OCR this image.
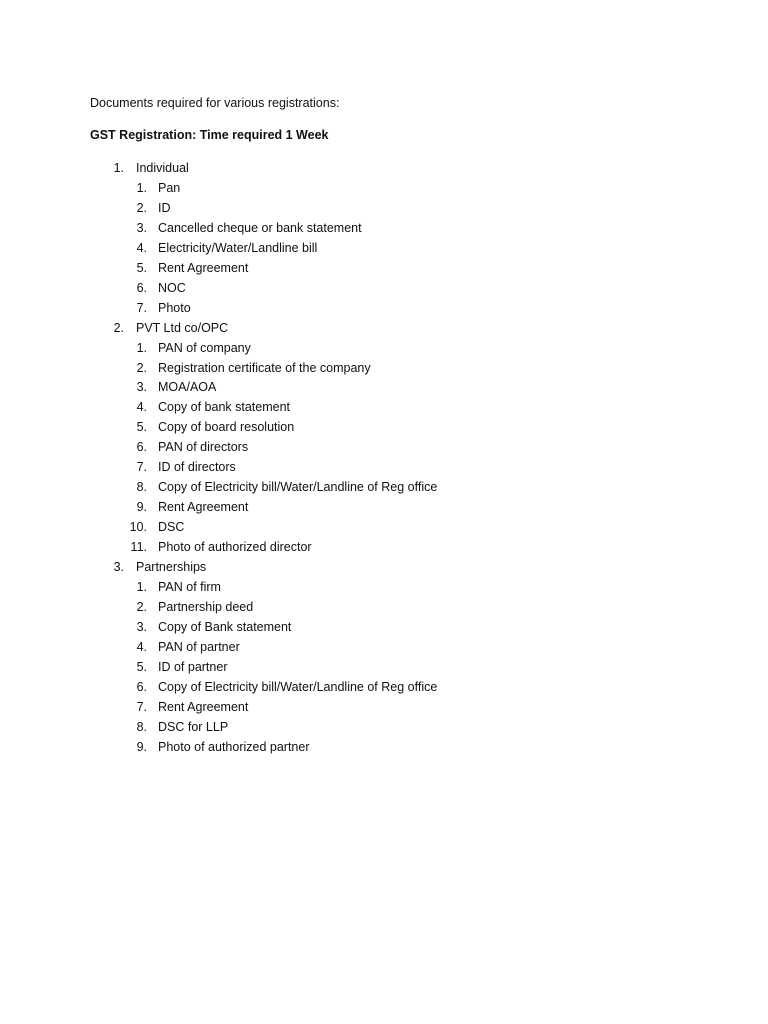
Documents required for various registrations:
GST Registration: Time required 1 Week
1. Individual
1. Pan
2. ID
3. Cancelled cheque or bank statement
4. Electricity/Water/Landline bill
5. Rent Agreement
6. NOC
7. Photo
2. PVT Ltd co/OPC
1. PAN of company
2. Registration certificate of the company
3. MOA/AOA
4. Copy of bank statement
5. Copy of board resolution
6. PAN of directors
7. ID of directors
8. Copy of Electricity bill/Water/Landline of Reg office
9. Rent Agreement
10. DSC
11. Photo of authorized director
3. Partnerships
1. PAN of firm
2. Partnership deed
3. Copy of Bank statement
4. PAN of partner
5. ID of partner
6. Copy of Electricity bill/Water/Landline of Reg office
7. Rent Agreement
8. DSC for LLP
9. Photo of authorized partner
